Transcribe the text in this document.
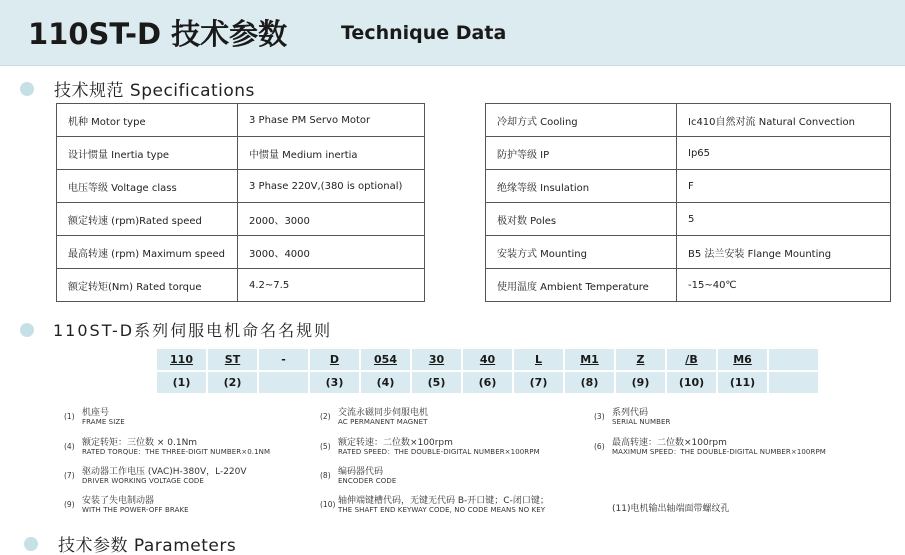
110ST-D 技术参数	Technique Data
技术规范 Specifications
机种 Motor type	3 Phase PM Servo Motor
设计惯量 Inertia type	中惯量 Medium inertia
电压等级 Voltage class	3 Phase 220V,(380 is optional)
额定转速 (rpm)Rated speed	2000、3000
最高转速 (rpm) Maximum speed	3000、4000
额定转矩(Nm) Rated torque	4.2~7.5
冷却方式 Cooling	Ic410自然对流 Natural Convection
防护等级 IP	Ip65
绝缘等级 Insulation	F
极对数 Poles	5
安装方式 Mounting	B5 法兰安装 Flange Mounting
使用温度 Ambient Temperature	-15~40℃
110ST-D系列伺服电机命名名规则
110	ST	-	D	054	30	40	L	M1	Z	/B	M6	
(1)	(2)		(3)	(4)	(5)	(6)	(7)	(8)	(9)	(10)	(11)	
(1) 机座号
FRAME SIZE
(2) 交流永磁同步伺服电机
AC PERMANENT MAGNET
(3) 系列代码
SERIAL NUMBER
(4) 额定转矩：三位数 × 0.1Nm
RATED TORQUE：THE THREE-DIGIT NUMBER×0.1NM
(5) 额定转速：二位数×100rpm
RATED SPEED：THE DOUBLE-DIGITAL NUMBER×100RPM
(6) 最高转速：二位数×100rpm
MAXIMUM SPEED：THE DOUBLE-DIGITAL NUMBER×100RPM
(7) 驱动器工作电压 (VAC)H-380V，L-220V
DRIVER WORKING VOLTAGE CODE
(8) 编码器代码
ENCODER CODE
(9) 安装了失电制动器
WITH THE POWER-OFF BRAKE
(10) 轴伸端键槽代码，无键无代码 B-开口键；C-闭口键；
THE SHAFT END KEYWAY CODE, NO CODE MEANS NO KEY	(11)电机输出轴端面带螺纹孔
技术参数 Parameters
